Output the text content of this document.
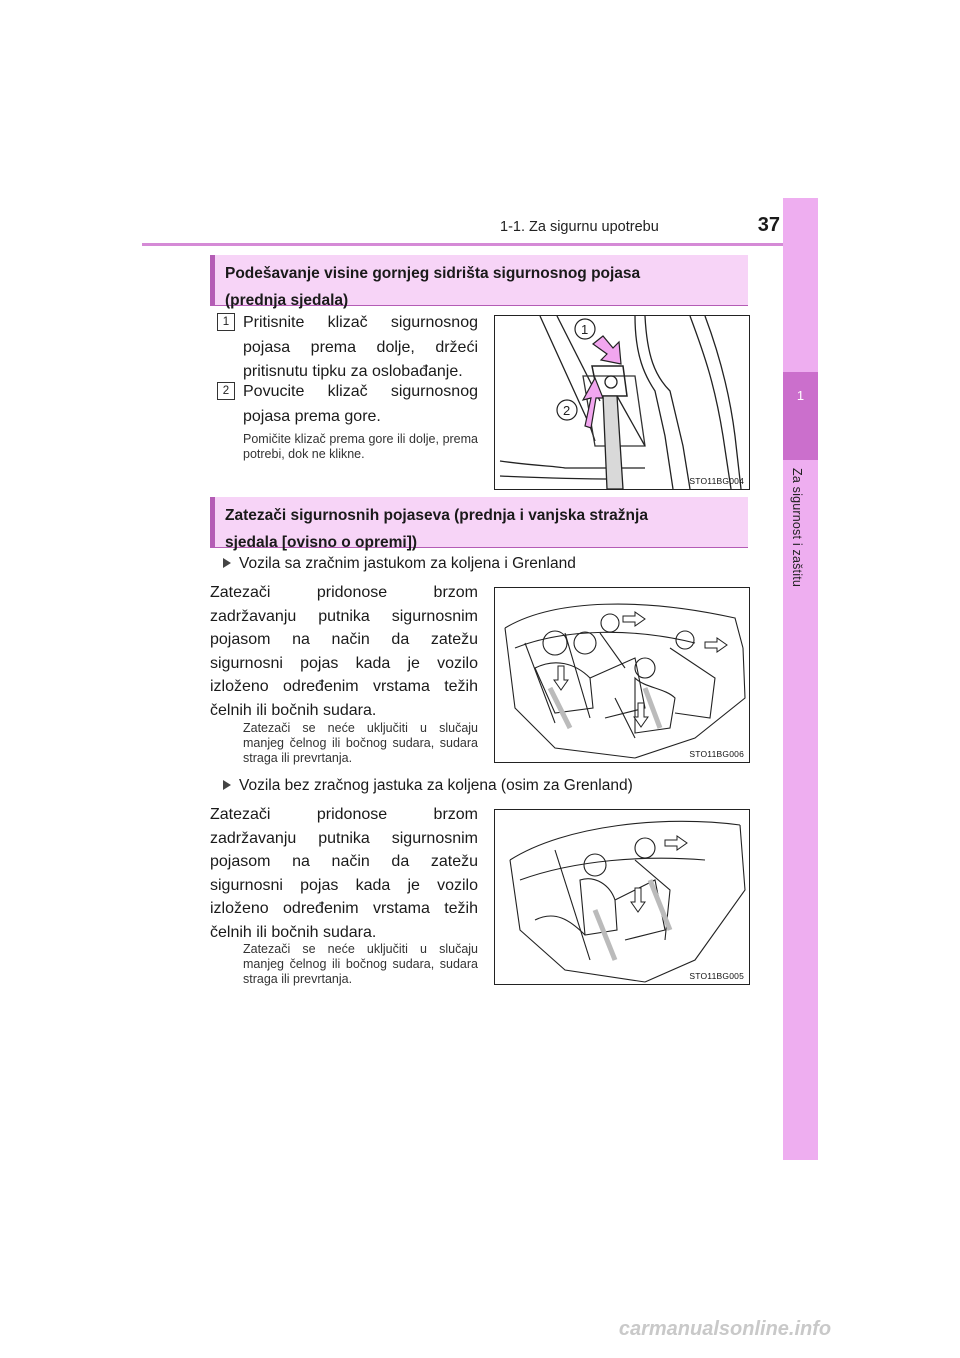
1-1. Za sigurnu upotrebu	37
1
Za sigurnost i zaštitu
Podešavanje visine gornjeg sidrišta sigurnosnog pojasa
(prednja sjedala)
1 Pritisnite klizač sigurnosnog pojasa prema dolje, držeći pritisnutu tipku za oslobađanje.
2 Povucite klizač sigurnosnog pojasa prema gore.
Pomičite klizač prema gore ili dolje, prema potrebi, dok ne klikne.
1
2
STO11BG004
Zatezači sigurnosnih pojaseva (prednja i vanjska stražnja
sjedala [ovisno o opremi])
Vozila sa zračnim jastukom za koljena i Grenland
Zatezači pridonose brzom zadržavanju putnika sigurnosnim pojasom na način da zatežu sigurnosni pojas kada je vozilo izloženo određenim vrstama težih čelnih ili bočnih sudara.
Zatezači se neće uključiti u slučaju manjeg čelnog ili bočnog sudara, sudara straga ili prevrtanja.	STO11BG006
Vozila bez zračnog jastuka za koljena (osim za Grenland)
Zatezači pridonose brzom zadržavanju putnika sigurnosnim pojasom na način da zatežu sigurnosni pojas kada je vozilo izloženo određenim vrstama težih čelnih ili bočnih sudara.
Zatezači se neće uključiti u slučaju manjeg čelnog ili bočnog sudara, sudara straga ili prevrtanja.	STO11BG005
carmanualsonline.info
